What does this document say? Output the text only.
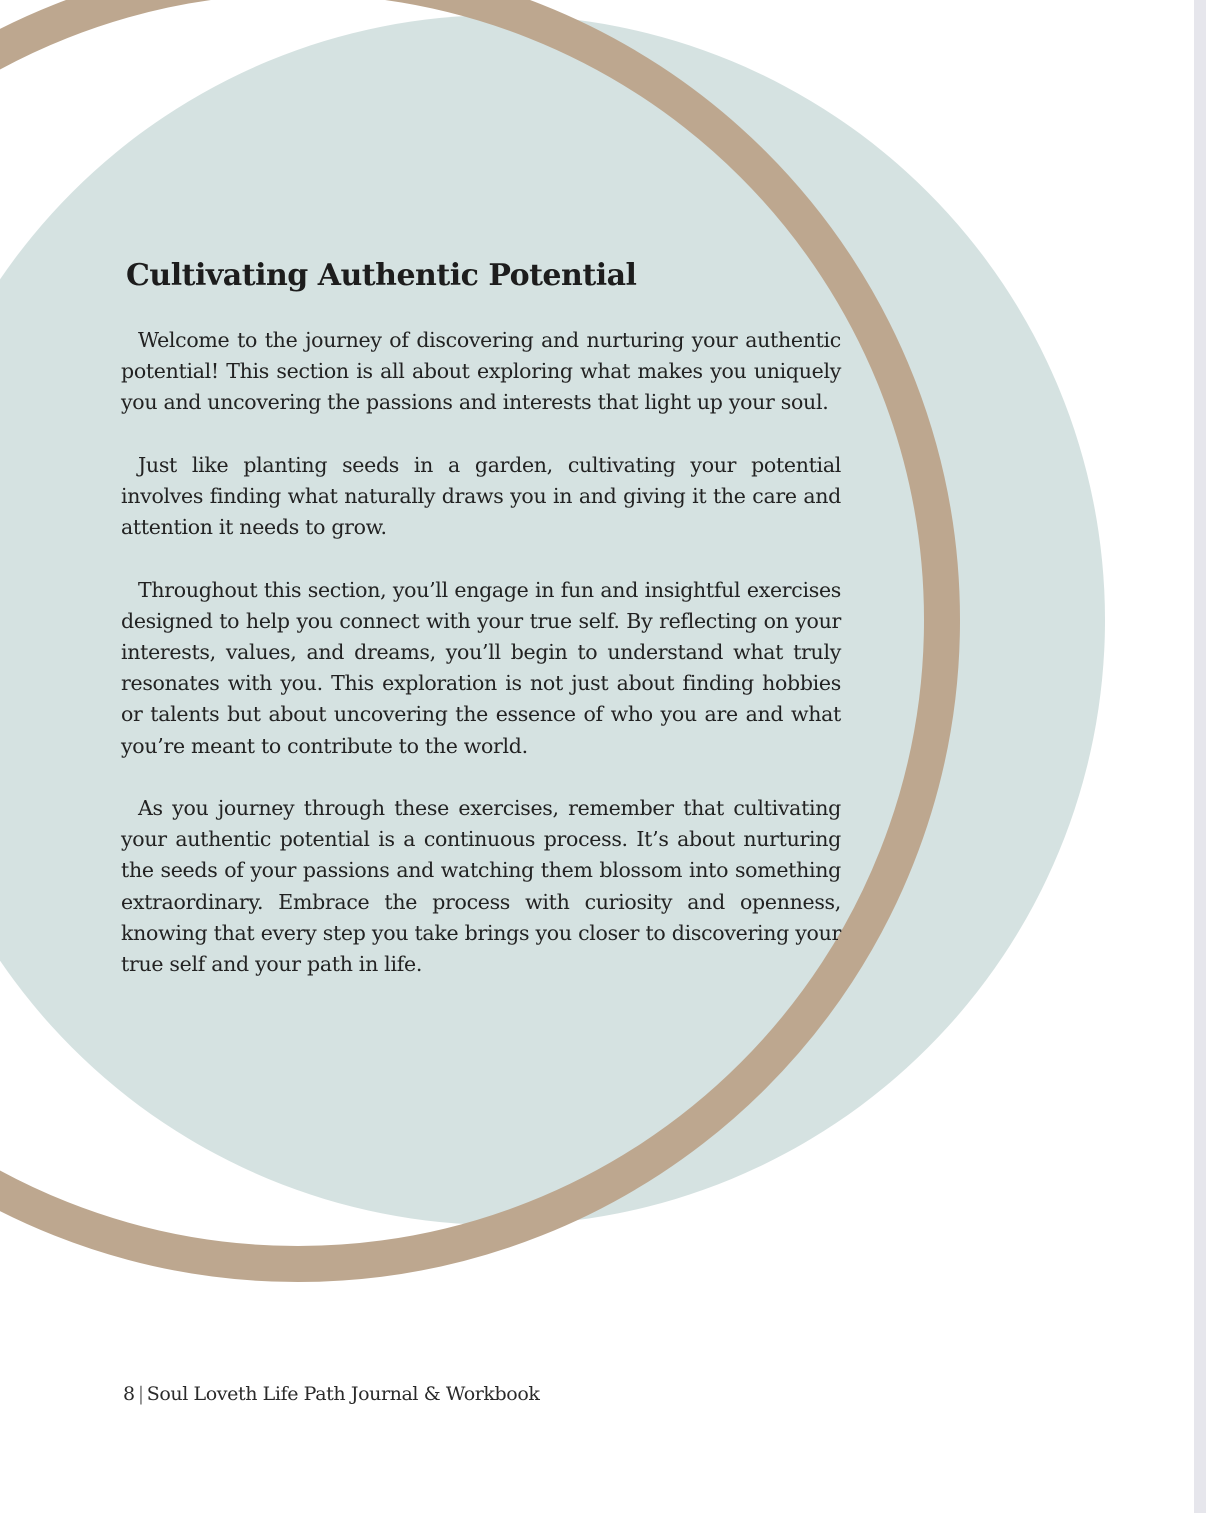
Cultivating Authentic Potential

Welcome to the journey of discovering and nurturing your authentic potential! This section is all about exploring what makes you uniquely you and uncovering the passions and interests that light up your soul.

Just like planting seeds in a garden, cultivating your potential involves finding what naturally draws you in and giving it the care and attention it needs to grow.

Throughout this section, you’ll engage in fun and insightful exercises designed to help you connect with your true self. By reflecting on your interests, values, and dreams, you’ll begin to understand what truly resonates with you. This exploration is not just about finding hobbies or talents but about uncovering the essence of who you are and what you’re meant to contribute to the world.

As you journey through these exercises, remember that cultivating your authentic potential is a continuous process. It’s about nurturing the seeds of your passions and watching them blossom into something extraordinary. Embrace the process with curiosity and openness, knowing that every step you take brings you closer to discovering your true self and your path in life.

8 | Soul Loveth Life Path Journal & Workbook
